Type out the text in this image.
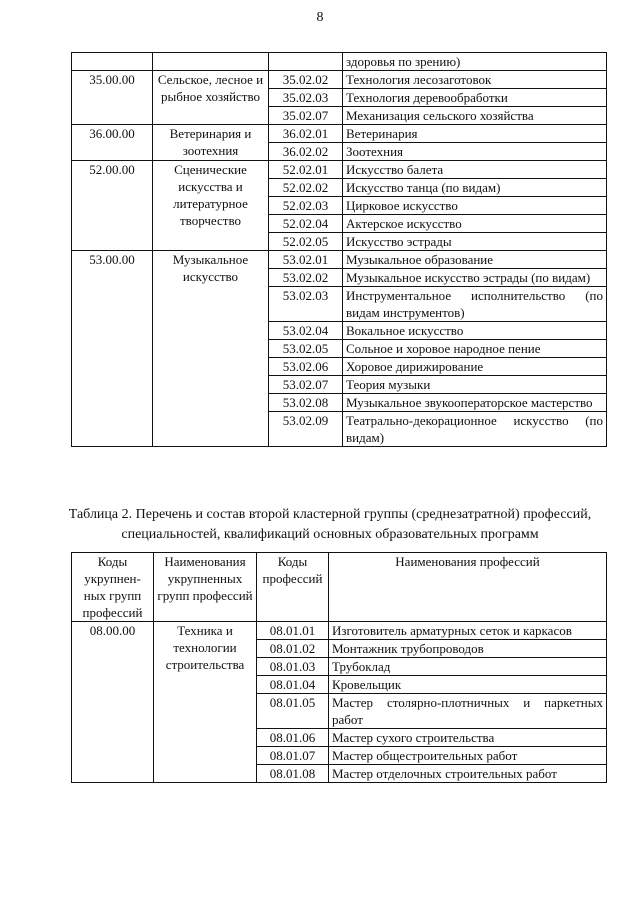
8
			здоровья по зрению)
35.00.00	Сельское, лесное и рыбное хозяйство	35.02.02	Технология лесозаготовок
		35.02.03	Технология деревообработки
		35.02.07	Механизация сельского хозяйства
36.00.00	Ветеринария и зоотехния	36.02.01	Ветеринария
		36.02.02	Зоотехния
52.00.00	Сценические искусства и литературное творчество	52.02.01	Искусство балета
		52.02.02	Искусство танца (по видам)
		52.02.03	Цирковое искусство
		52.02.04	Актерское искусство
		52.02.05	Искусство эстрады
53.00.00	Музыкальное искусство	53.02.01	Музыкальное образование
		53.02.02	Музыкальное искусство эстрады (по видам)
		53.02.03	Инструментальное исполнительство (по видам инструментов)
		53.02.04	Вокальное искусство
		53.02.05	Сольное и хоровое народное пение
		53.02.06	Хоровое дирижирование
		53.02.07	Теория музыки
		53.02.08	Музыкальное звукооператорское мастерство
		53.02.09	Театрально-декорационное искусство (по видам)
Таблица 2. Перечень и состав второй кластерной группы (среднезатратной) профессий, специальностей, квалификаций основных образовательных программ
Коды укрупнен-ных групп профессий	Наименования укрупненных групп профессий	Коды профессий	Наименования профессий
08.00.00	Техника и технологии строительства	08.01.01	Изготовитель арматурных сеток и каркасов
		08.01.02	Монтажник трубопроводов
		08.01.03	Трубоклад
		08.01.04	Кровельщик
		08.01.05	Мастер столярно-плотничных и паркетных работ
		08.01.06	Мастер сухого строительства
		08.01.07	Мастер общестроительных работ
		08.01.08	Мастер отделочных строительных работ
